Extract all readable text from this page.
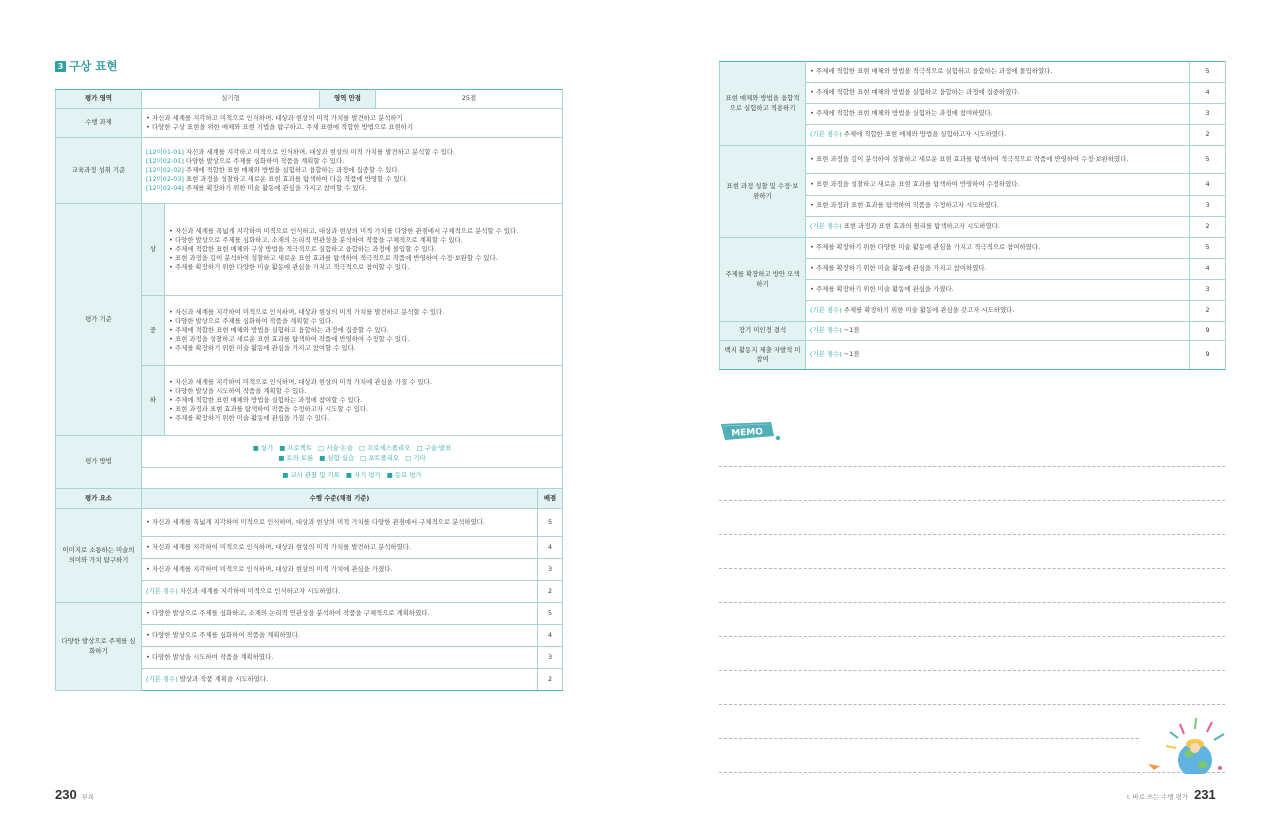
3 구상 표현
평가 영역	실기형		영역 만점	25점	
수행 과제	• 자신과 세계를 지각하고 미적으로 인식하며, 대상과 현상의 미적 가치를 발견하고 분석하기
• 다양한 구상 표현을 위한 매체와 표현 기법을 탐구하고, 주제 표현에 적합한 방법으로 표현하기

교육과정 성취 기준	[12미01-01] 자신과 세계를 지각하고 미적으로 인식하며, 대상과 현상의 미적 가치를 발견하고 분석할 수 있다.
[12미02-01] 다양한 발상으로 주제를 심화하여 작품을 계획할 수 있다.
[12미02-02] 주제에 적합한 표현 매체와 방법을 실험하고 융합하는 과정에 집중할 수 있다.
[12미02-03] 표현 과정을 성찰하고 새로운 표현 효과를 탐색하여 다음 작품에 반영할 수 있다.
[12미02-04] 주제를 확장하기 위한 미술 활동에 관심을 가지고 참여할 수 있다.				

평가 기준	상	• 자신과 세계를 폭넓게 지각하여 미적으로 인식하고, 대상과 현상의 미적 가치를 다양한 관점에서 구체적으로 분석할 수 있다.
• 다양한 발상으로 주제를 심화하고, 소재의 논리적 연관성을 분석하여 작품을 구체적으로 계획할 수 있다.
• 주제에 적합한 표현 매체와 구상 방법을 적극적으로 실험하고 융합하는 과정에 몰입할 수 있다.
• 표현 과정을 깊이 분석하여 성찰하고 새로운 표현 효과를 탐색하여 적극적으로 작품에 반영하여 수정·보완할 수 있다.
• 주제를 확장하기 위한 다양한 미술 활동에 관심을 가지고 적극적으로 참여할 수 있다.

	중	• 자신과 세계를 지각하여 미적으로 인식하며, 대상과 현상의 미적 가치를 발견하고 분석할 수 있다.
• 다양한 발상으로 주제를 심화하여 작품을 계획할 수 있다.
• 주제에 적합한 표현 매체와 방법을 실험하고 융합하는 과정에 집중할 수 있다.
• 표현 과정을 성찰하고 새로운 표현 효과를 탐색하여 작품에 반영하여 수정할 수 있다.
• 주제를 확장하기 위한 미술 활동에 관심을 가지고 참여할 수 있다.

	하	• 자신과 세계를 지각하여 미적으로 인식하며, 대상과 현상의 미적 가치에 관심을 가질 수 있다.
• 다양한 발상을 시도하여 작품을 계획할 수 있다.
• 주제에 적합한 표현 매체와 방법을 실험하는 과정에 참여할 수 있다.
• 표현 과정과 표현 효과를 탐색하여 작품을 수정하고자 시도할 수 있다.
• 주제를 확장하기 위한 미술 활동에 관심을 가질 수 있다.

평가 방법	■ 실기 ■ 프로젝트 □ 서술·논술 □ 프로세스폴리오 □ 구술·발표
■ 토의·토론 ■ 실험·실습 □ 포트폴리오 □ 기타
■ 교사 관찰 및 기록 ■ 자기 평가 ■ 동료 평가				

평가 요소	수행 수준(채점 기준)				배점
이미지로 소통하는 미술의 의미와 가치 탐구하기	• 자신과 세계를 폭넓게 지각하여 미적으로 인식하며, 대상과 현상의 미적 가치를 다양한 관점에서 구체적으로 분석하였다.				5

	• 자신과 세계를 지각하여 미적으로 인식하며, 대상과 현상의 미적 가치를 발견하고 분석하였다.				4

	• 자신과 세계를 지각하여 미적으로 인식하며, 대상과 현상의 미적 가치에 관심을 가졌다.				3
	(기본 점수) 자신과 세계를 지각하여 미적으로 인식하고자 시도하였다.				2
다양한 발상으로 주제를 심화하기	• 다양한 발상으로 주제를 심화하고, 소재의 논리적 연관성을 분석하여 작품을 구체적으로 계획하였다.				5

	• 다양한 발상으로 주제를 심화하여 작품을 계획하였다.				4

	• 다양한 발상을 시도하여 작품을 계획하였다.				3
	(기본 점수) 발상과 작품 계획을 시도하였다.				2
230 부록
표현 매체와 방법을 융합적으로 실험하고 적용하기	• 주제에 적합한 표현 매체와 방법을 적극적으로 실험하고 융합하는 과정에 몰입하였다.	5

	• 주제에 적합한 표현 매체와 방법을 실험하고 융합하는 과정에 집중하였다.	4

	• 주제에 적합한 표현 매체와 방법을 실험하는 과정에 참여하였다.	3
	(기본 점수) 주제에 적합한 표현 매체와 방법을 실험하고자 시도하였다.	2
표현 과정 성찰 및 수정·보완하기	• 표현 과정을 깊이 분석하여 성찰하고 새로운 표현 효과를 탐색하여 적극적으로 작품에 반영하여 수정·보완하였다.	5

	• 표현 과정을 성찰하고 새로운 표현 효과를 탐색하여 반영하여 수정하였다.	4

	• 표현 과정과 표현 효과를 탐색하여 작품을 수정하고자 시도하였다.	3
	(기본 점수) 표현 과정과 표현 효과의 원리를 탐색하고자 시도하였다.	2
주제를 확장하고 방안 모색하기	• 주제를 확장하기 위한 다양한 미술 활동에 관심을 가지고 적극적으로 참여하였다.	5

	• 주제를 확장하기 위한 미술 활동에 관심을 가지고 참여하였다.	4

	• 주제를 확장하기 위한 미술 활동에 관심을 가졌다.	3
	(기본 점수) 주제를 확장하기 위한 미술 활동에 관심을 갖고자 시도하였다.	2
장기 미인정 결석	(기본 점수) −1점	9
백지 활동지 제출 자발적 미참여	(기본 점수) −1점	9
MEMO
I. 바로 쓰는 수행 평가 231
